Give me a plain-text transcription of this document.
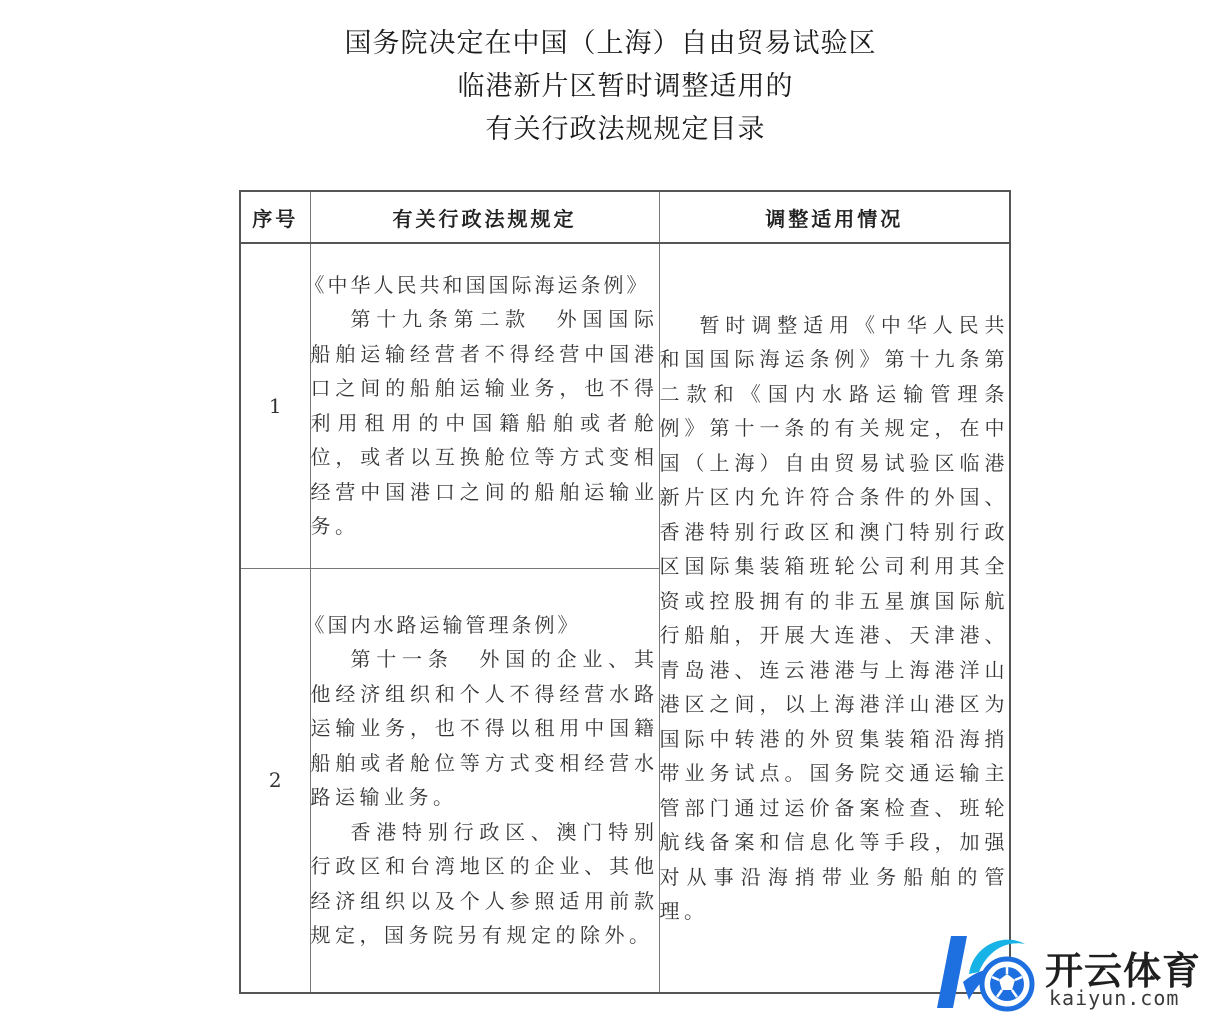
国务院决定在中国（上海）自由贸易试验区
临港新片区暂时调整适用的
有关行政法规规定目录
序号	有关行政法规规定	调整适用情况
1	《中华人民共和国国际海运条例》
第十九条第二款　外国国际船舶运输经营者不得经营中国港口之间的船舶运输业务，也不得利用租用的中国籍船舶或者舱位，或者以互换舱位等方式变相经营中国港口之间的船舶运输业务。	暂时调整适用《中华人民共和国国际海运条例》第十九条第二款和《国内水路运输管理条例》第十一条的有关规定，在中国（上海）自由贸易试验区临港新片区内允许符合条件的外国、香港特别行政区和澳门特别行政区国际集装箱班轮公司利用其全资或控股拥有的非五星旗国际航行船舶，开展大连港、天津港、青岛港、连云港港与上海港洋山港区之间，以上海港洋山港区为国际中转港的外贸集装箱沿海捎带业务试点。国务院交通运输主管部门通过运价备案检查、班轮航线备案和信息化等手段，加强对从事沿海捎带业务船舶的管理。

2	《国内水路运输管理条例》
第十一条　外国的企业、其他经济组织和个人不得经营水路运输业务，也不得以租用中国籍船舶或者舱位等方式变相经营水路运输业务。
香港特别行政区、澳门特别行政区和台湾地区的企业、其他经济组织以及个人参照适用前款规定，国务院另有规定的除外。	
开云体育
kaiyun.com
